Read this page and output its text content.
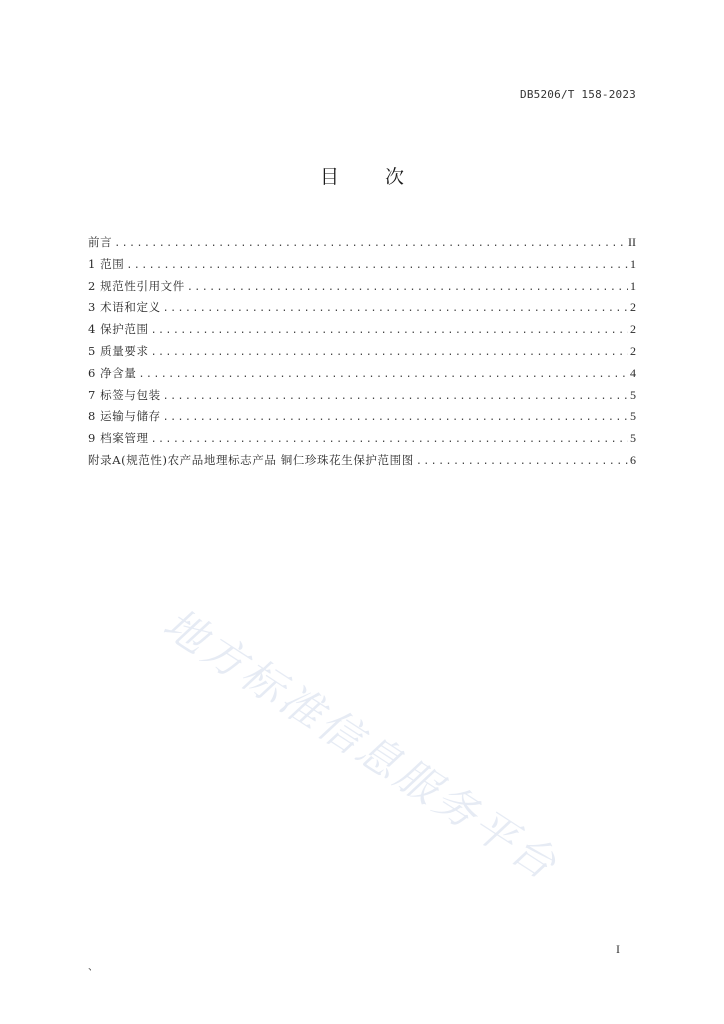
DB5206/T 158-2023
目 次
前言 .....	II
1 范围 .....	1
2 规范性引用文件 .....	1
3 术语和定义 .....	2
4 保护范围 .....	2
5 质量要求 .....	2
6 净含量 .....	4
7 标签与包装 .....	5
8 运输与储存 .....	5
9 档案管理 .....	5
附录A(规范性)农产品地理标志产品 铜仁珍珠花生保护范围图 .....	6
地方标准信息服务平台
I
、
